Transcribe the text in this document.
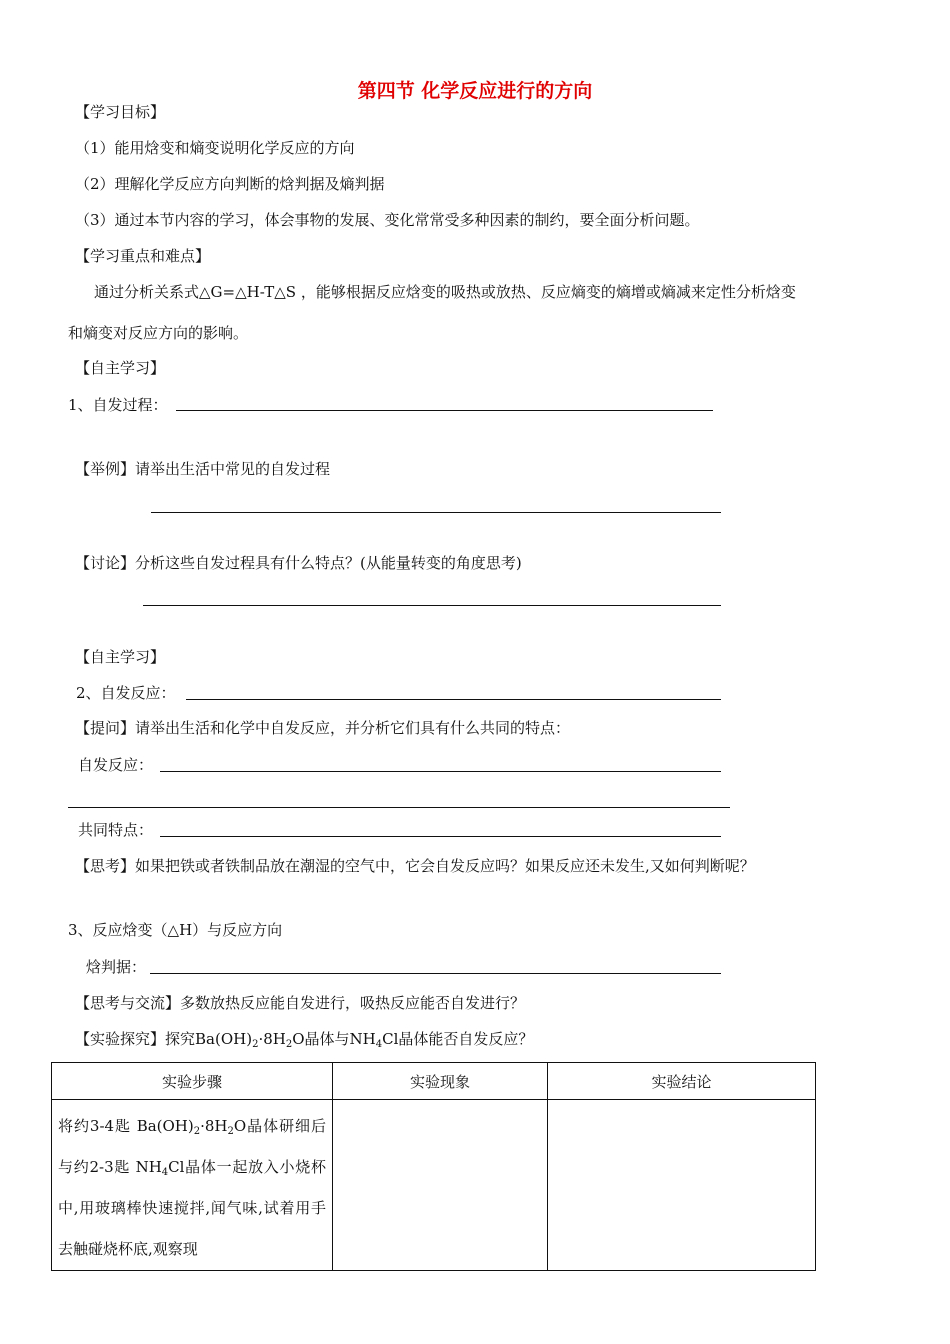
第四节 化学反应进行的方向
【学习目标】
（1）能用焓变和熵变说明化学反应的方向
（2）理解化学反应方向判断的焓判据及熵判据
（3）通过本节内容的学习，体会事物的发展、变化常常受多种因素的制约，要全面分析问题。
【学习重点和难点】
通过分析关系式△G=△H-T△S ，能够根据反应焓变的吸热或放热、反应熵变的熵增或熵减来定性分析焓变
和熵变对反应方向的影响。
【自主学习】
1、自发过程：
【举例】请举出生活中常见的自发过程
【讨论】分析这些自发过程具有什么特点？(从能量转变的角度思考)
【自主学习】
2、自发反应：
【提问】请举出生活和化学中自发反应，并分析它们具有什么共同的特点：
自发反应：
共同特点：
【思考】如果把铁或者铁制品放在潮湿的空气中，它会自发反应吗？如果反应还未发生,又如何判断呢？
3、反应焓变（△H）与反应方向
焓判据：
【思考与交流】多数放热反应能自发进行，吸热反应能否自发进行？
【实验探究】探究$Ba(OH)_2\cdot 8H_2O$晶体与$NH_4Cl$晶体能否自发反应？
实验步骤	实验现象	实验结论

将约3-4匙 $Ba(OH)_2\cdot 8H_2O$晶体研细后与约2-3匙 $NH_4Cl$晶体一起放入小烧杯中,用玻璃棒快速搅拌,闻气味,试着用手去触碰烧杯底,观察现		
